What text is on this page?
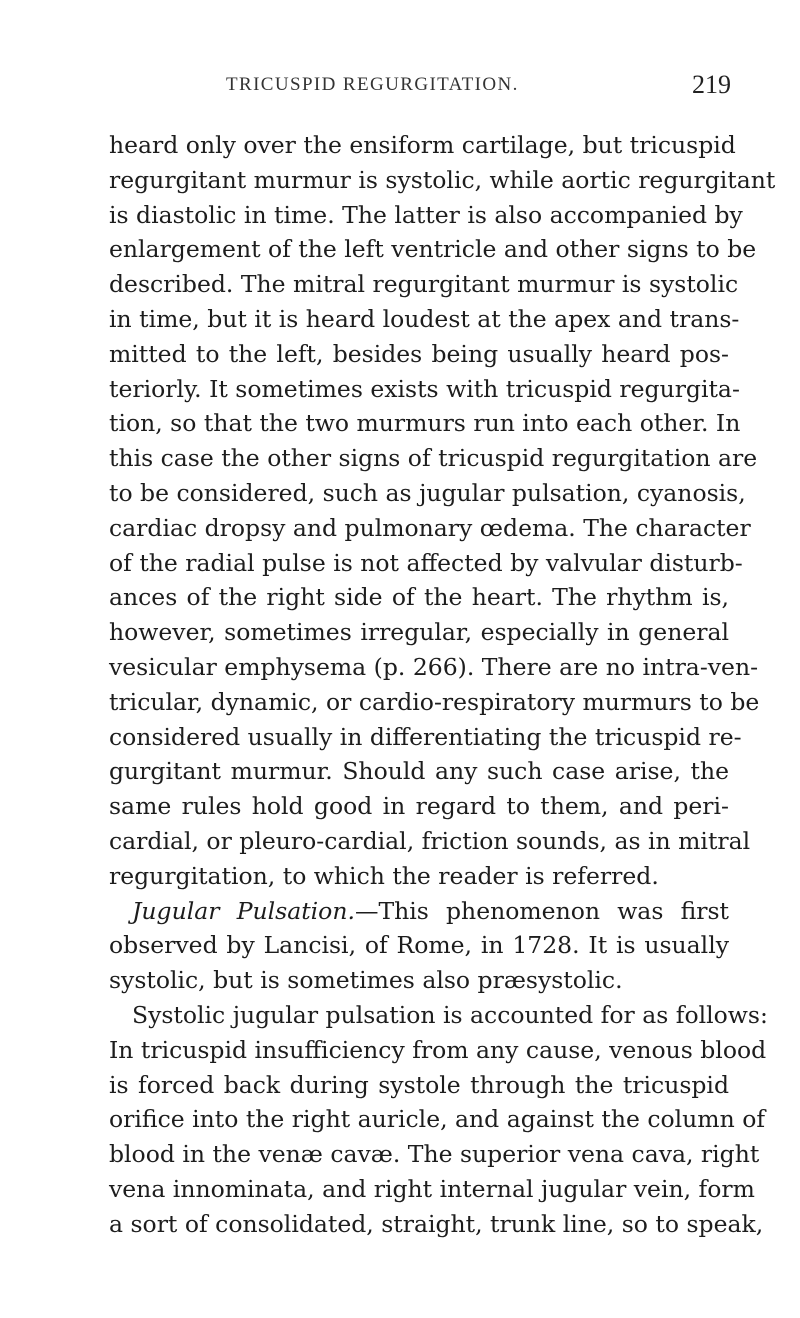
TRICUSPID REGURGITATION.	219
heard only over the ensiform cartilage, but tricuspid
regurgitant murmur is systolic, while aortic regurgitant
is diastolic in time. The latter is also accompanied by
enlargement of the left ventricle and other signs to be
described. The mitral regurgitant murmur is systolic
in time, but it is heard loudest at the apex and trans-
mitted to the left, besides being usually heard pos-
teriorly. It sometimes exists with tricuspid regurgita-
tion, so that the two murmurs run into each other. In
this case the other signs of tricuspid regurgitation are
to be considered, such as jugular pulsation, cyanosis,
cardiac dropsy and pulmonary œdema. The character
of the radial pulse is not affected by valvular disturb-
ances of the right side of the heart. The rhythm is,
however, sometimes irregular, especially in general
vesicular emphysema (p. 266). There are no intra-ven-
tricular, dynamic, or cardio-respiratory murmurs to be
considered usually in differentiating the tricuspid re-
gurgitant murmur. Should any such case arise, the
same rules hold good in regard to them, and peri-
cardial, or pleuro-cardial, friction sounds, as in mitral
regurgitation, to which the reader is referred.
Jugular Pulsation.—This phenomenon was first
observed by Lancisi, of Rome, in 1728. It is usually
systolic, but is sometimes also præsystolic.
Systolic jugular pulsation is accounted for as follows:
In tricuspid insufficiency from any cause, venous blood
is forced back during systole through the tricuspid
orifice into the right auricle, and against the column of
blood in the venæ cavæ. The superior vena cava, right
vena innominata, and right internal jugular vein, form
a sort of consolidated, straight, trunk line, so to speak,
